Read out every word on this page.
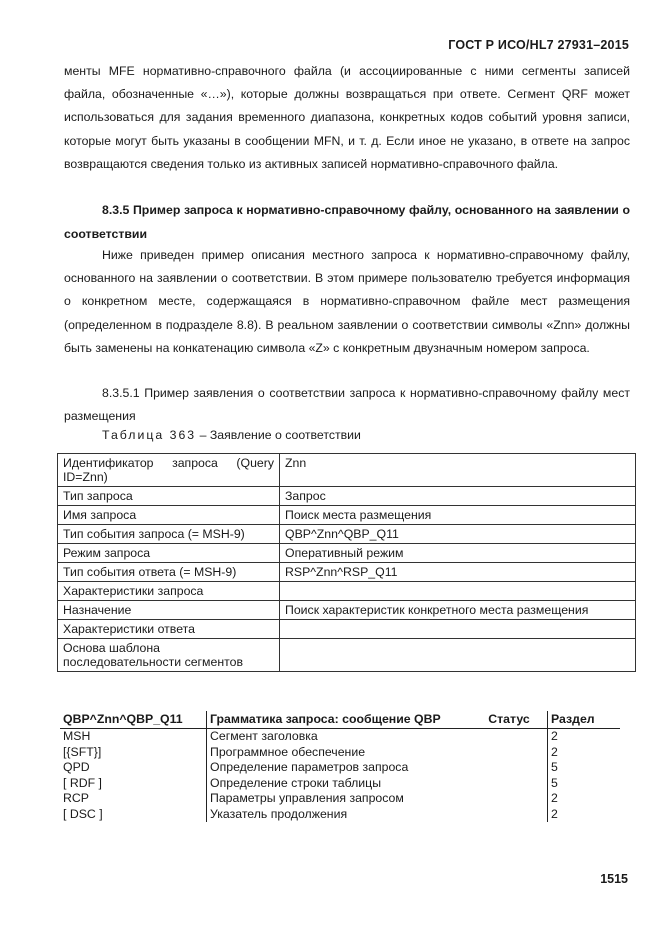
ГОСТ Р ИСО/HL7 27931–2015

менты MFE нормативно-справочного файла (и ассоциированные с ними сегменты записей файла, обозначенные «…»), которые должны возвращаться при ответе. Сегмент QRF может использоваться для задания временного диапазона, конкретных кодов событий уровня записи, которые могут быть указаны в сообщении MFN, и т. д. Если иное не указано, в ответе на запрос возвращаются сведения только из активных записей нормативно-справочного файла.

8.3.5 Пример запроса к нормативно-справочному файлу, основанного на заявлении о соответствии

Ниже приведен пример описания местного запроса к нормативно-справочному файлу, основанного на заявлении о соответствии. В этом примере пользователю требуется информация о конкретном месте, содержащаяся в нормативно-справочном файле мест размещения (определенном в подразделе 8.8). В реальном заявлении о соответствии символы «Znn» должны быть заменены на конкатенацию символа «Z» с конкретным двузначным номером запроса.

8.3.5.1 Пример заявления о соответствии запроса к нормативно-справочному файлу мест размещения

Таблица 363 – Заявление о соответствии
Идентификатор запроса (Query ID=Znn)	Znn
Тип запроса	Запрос
Имя запроса	Поиск места размещения
Тип события запроса (= MSH-9)	QBP^Znn^QBP_Q11
Режим запроса	Оперативный режим
Тип события ответа (= MSH-9)	RSP^Znn^RSP_Q11
Характеристики запроса	
Назначение	Поиск характеристик конкретного места размещения
Характеристики ответа	
Основа шаблона последовательности сегментов	
QBP^Znn^QBP_Q11	Грамматика запроса: сообщение QBP	Статус	Раздел
MSH	Сегмент заголовка		2
[{SFT}]	Программное обеспечение		2
QPD	Определение параметров запроса		5
[ RDF ]	Определение строки таблицы		5
RCP	Параметры управления запросом		2
[ DSC ]	Указатель продолжения		2
1515
